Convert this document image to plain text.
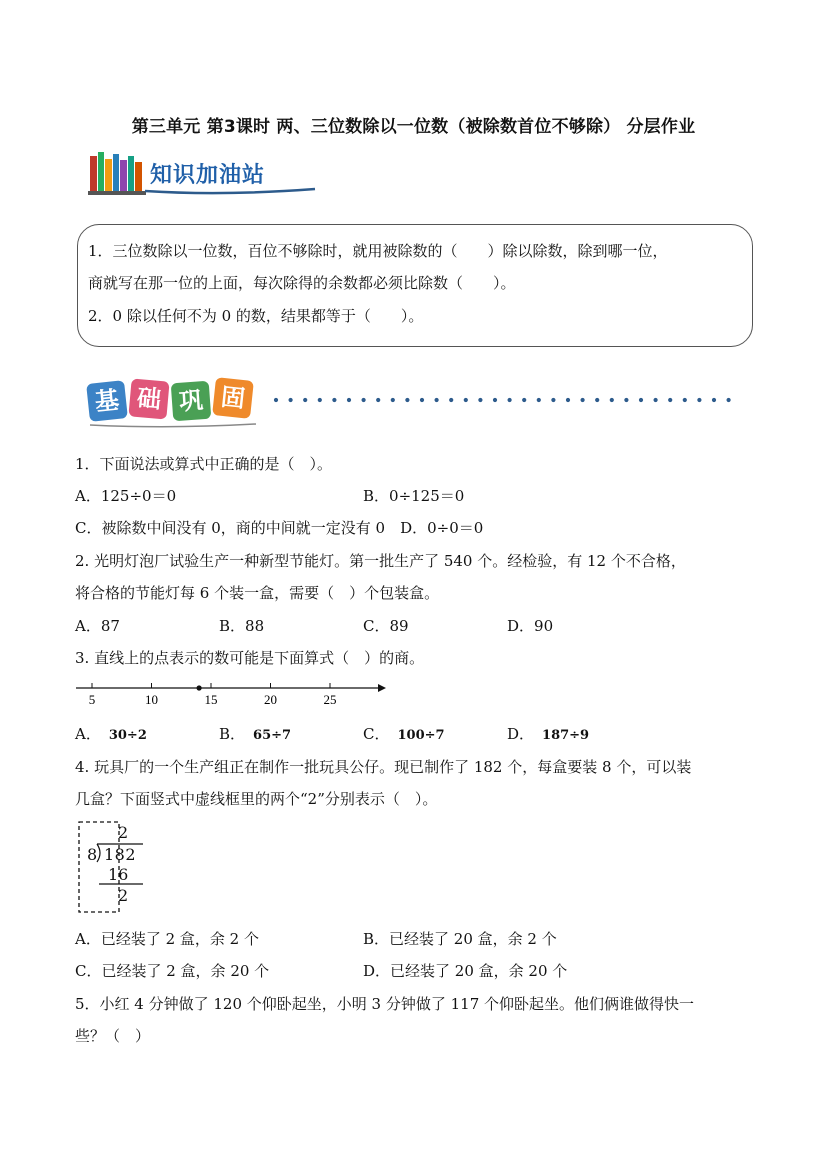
第三单元 第3课时 两、三位数除以一位数（被除数首位不够除） 分层作业
知识加油站
1．三位数除以一位数，百位不够除时，就用被除数的（　　）除以除数，除到哪一位，
商就写在那一位的上面，每次除得的余数都必须比除数（　　）。
2．0 除以任何不为 0 的数，结果都等于（　　）。
基 础 巩 固
1．下面说法或算式中正确的是（　）。
A．125÷0＝0	B．0÷125＝0
C．被除数中间没有 0，商的中间就一定没有 0　D．0÷0＝0
2. 光明灯泡厂试验生产一种新型节能灯。第一批生产了 540 个。经检验，有 12 个不合格，
将合格的节能灯每 6 个装一盒，需要（　）个包装盒。
A．87	B．88	C．89	D．90
3. 直线上的点表示的数可能是下面算式（　）的商。
5	10	15	20	25
A． 30÷2	B． 65÷7	C． 100÷7	D． 187÷9
4. 玩具厂的一个生产组正在制作一批玩具公仔。现已制作了 182 个，每盒要装 8 个，可以装
几盒？下面竖式中虚线框里的两个“2”分别表示（　）。
2
8 182
16
2
A．已经装了 2 盒，余 2 个	B．已经装了 20 盒，余 2 个
C．已经装了 2 盒，余 20 个	D．已经装了 20 盒，余 20 个
5．小红 4 分钟做了 120 个仰卧起坐，小明 3 分钟做了 117 个仰卧起坐。他们俩谁做得快一
些？（　）
